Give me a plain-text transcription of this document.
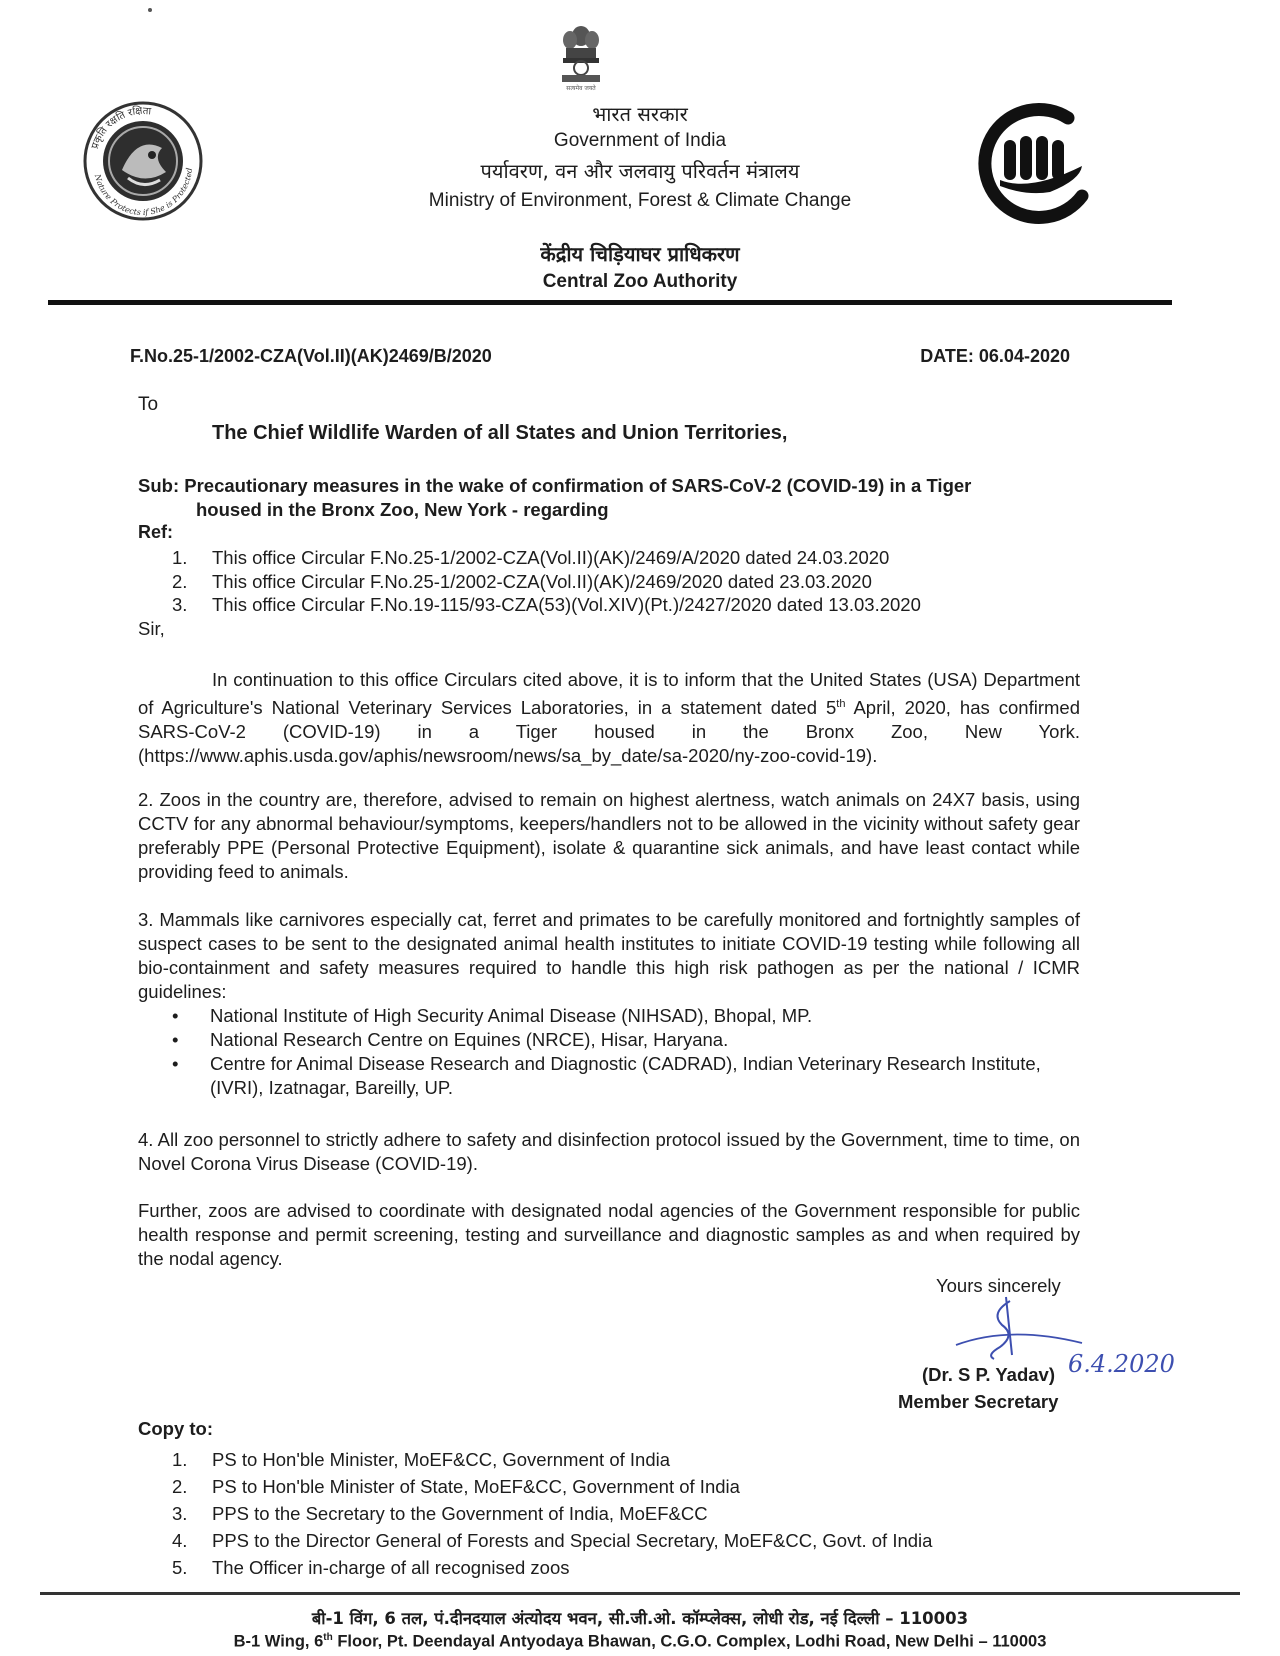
प्रकृति रक्षति रक्षिता
Nature Protects if She is Protected
सत्यमेव जयते
भारत सरकार
Government of India
पर्यावरण, वन और जलवायु परिवर्तन मंत्रालय
Ministry of Environment, Forest & Climate Change
केंद्रीय चिड़ियाघर प्राधिकरण
Central Zoo Authority
F.No.25-1/2002-CZA(Vol.II)(AK)2469/B/2020	DATE: 06.04-2020
To
The Chief Wildlife Warden of all States and Union Territories,
Sub: Precautionary measures in the wake of confirmation of SARS-CoV-2 (COVID-19) in a Tiger
housed in the Bronx Zoo, New York - regarding
Ref:
1. This office Circular F.No.25-1/2002-CZA(Vol.II)(AK)/2469/A/2020 dated 24.03.2020
2. This office Circular F.No.25-1/2002-CZA(Vol.II)(AK)/2469/2020 dated 23.03.2020
3. This office Circular F.No.19-115/93-CZA(53)(Vol.XIV)(Pt.)/2427/2020 dated 13.03.2020
Sir,
In continuation to this office Circulars cited above, it is to inform that the United States (USA) Department of Agriculture's National Veterinary Services Laboratories, in a statement dated 5th April, 2020, has confirmed SARS-CoV-2 (COVID-19) in a Tiger housed in the Bronx Zoo, New York. (https://www.aphis.usda.gov/aphis/newsroom/news/sa_by_date/sa-2020/ny-zoo-covid-19).
2. Zoos in the country are, therefore, advised to remain on highest alertness, watch animals on 24X7 basis, using CCTV for any abnormal behaviour/symptoms, keepers/handlers not to be allowed in the vicinity without safety gear preferably PPE (Personal Protective Equipment), isolate & quarantine sick animals, and have least contact while providing feed to animals.
3. Mammals like carnivores especially cat, ferret and primates to be carefully monitored and fortnightly samples of suspect cases to be sent to the designated animal health institutes to initiate COVID-19 testing while following all bio-containment and safety measures required to handle this high risk pathogen as per the national / ICMR guidelines:
• National Institute of High Security Animal Disease (NIHSAD), Bhopal, MP.
• National Research Centre on Equines (NRCE), Hisar, Haryana.
• Centre for Animal Disease Research and Diagnostic (CADRAD), Indian Veterinary Research Institute, (IVRI), Izatnagar, Bareilly, UP.
4. All zoo personnel to strictly adhere to safety and disinfection protocol issued by the Government, time to time, on Novel Corona Virus Disease (COVID-19).
Further, zoos are advised to coordinate with designated nodal agencies of the Government responsible for public health response and permit screening, testing and surveillance and diagnostic samples as and when required by the nodal agency.
Yours sincerely
(Dr. S P. Yadav) 6.4.2020
Member Secretary
Copy to:
1. PS to Hon'ble Minister, MoEF&CC, Government of India
2. PS to Hon'ble Minister of State, MoEF&CC, Government of India
3. PPS to the Secretary to the Government of India, MoEF&CC
4. PPS to the Director General of Forests and Special Secretary, MoEF&CC, Govt. of India
5. The Officer in-charge of all recognised zoos
बी-1 विंग, 6 तल, पं.दीनदयाल अंत्योदय भवन, सी.जी.ओ. कॉम्प्लेक्स, लोधी रोड, नई दिल्ली – 110003
B-1 Wing, 6th Floor, Pt. Deendayal Antyodaya Bhawan, C.G.O. Complex, Lodhi Road, New Delhi – 110003
